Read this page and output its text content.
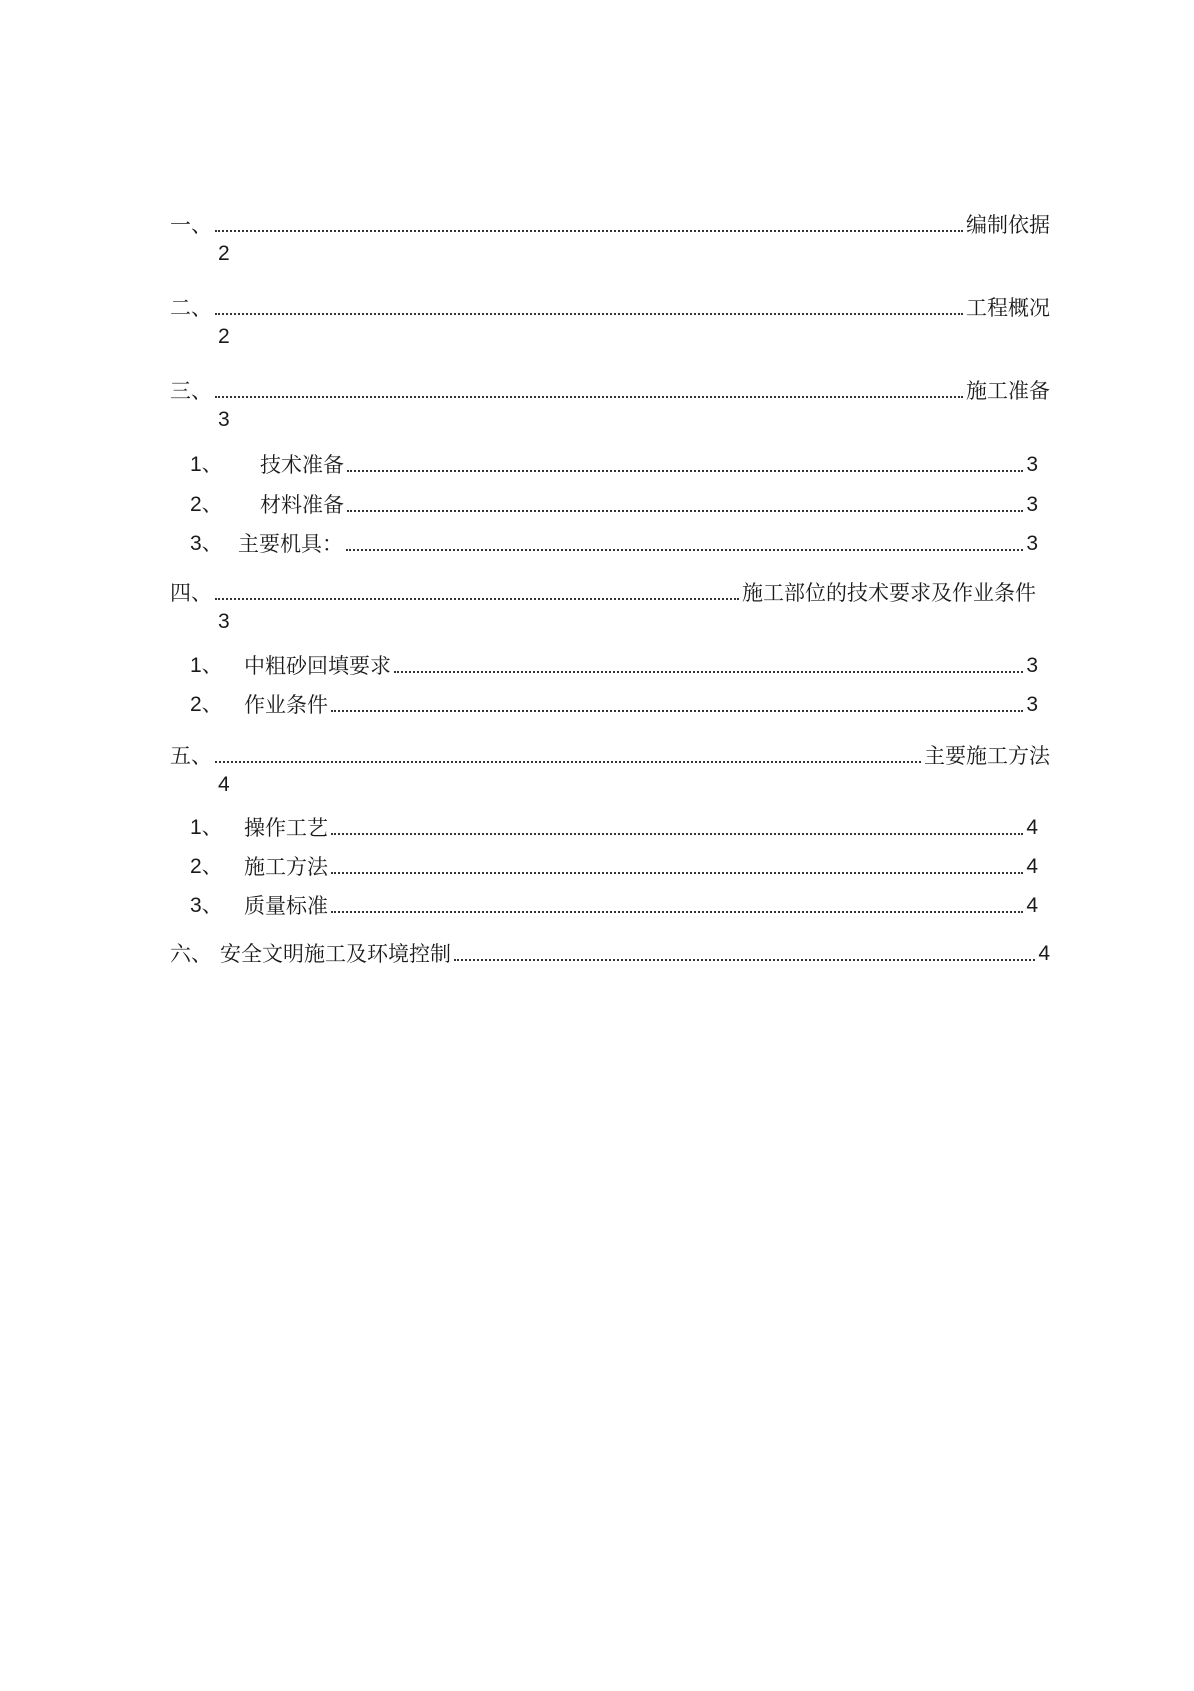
一、	编制依据
2
二、	工程概况
2
三、	施工准备
3
1、	技术准备	3
2、	材料准备	3
3、 主要机具：	3
四、	施工部位的技术要求及作业条件
3
1、	中粗砂回填要求	3
2、	作业条件	3
五、	主要施工方法
4
1、	操作工艺	4
2、	施工方法	4
3、	质量标准	4
六、 安全文明施工及环境控制	4
